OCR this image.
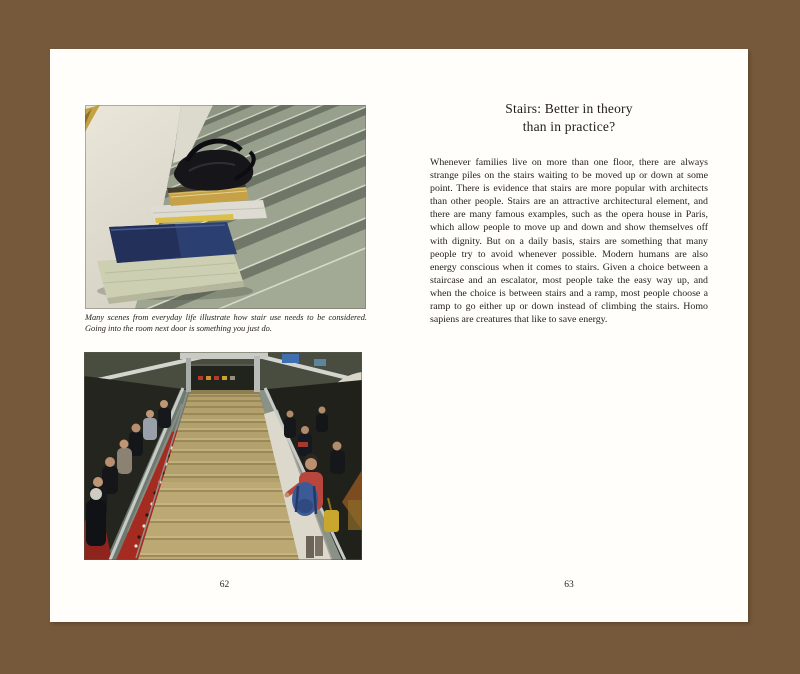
Many scenes from everyday life illustrate how stair use needs to be considered. Going into the room next door is something you just do.
62
Stairs: Better in theory
than in practice?
Whenever families live on more than one floor, there are always strange piles on the stairs waiting to be moved up or down at some point. There is evidence that stairs are more popular with architects than other people. Stairs are an attractive architectural element, and there are many famous examples, such as the opera house in Paris, which allow people to move up and down and show themselves off with dignity. But on a daily basis, stairs are something that many people try to avoid whenever possible. Modern humans are also energy conscious when it comes to stairs. Given a choice between a staircase and an escalator, most people take the easy way up, and when the choice is between stairs and a ramp, most people choose a ramp to go either up or down instead of climbing the stairs. Homo sapiens are creatures that like to save energy.
63
